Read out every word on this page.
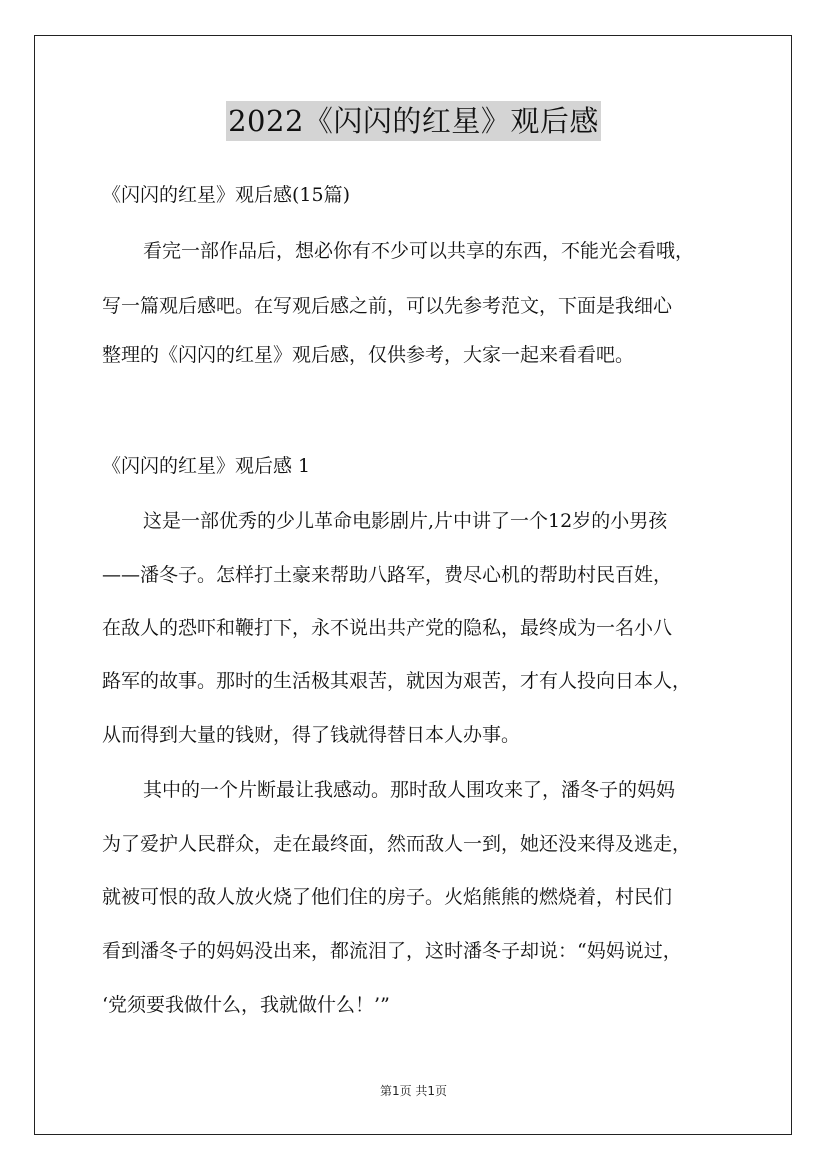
2022《闪闪的红星》观后感
《闪闪的红星》观后感(15篇)
看完一部作品后，想必你有不少可以共享的东西，不能光会看哦，
写一篇观后感吧。在写观后感之前，可以先参考范文，下面是我细心
整理的《闪闪的红星》观后感，仅供参考，大家一起来看看吧。
《闪闪的红星》观后感 1
这是一部优秀的少儿革命电影剧片,片中讲了一个12岁的小男孩
——潘冬子。怎样打土豪来帮助八路军，费尽心机的帮助村民百姓，
在敌人的恐吓和鞭打下，永不说出共产党的隐私，最终成为一名小八
路军的故事。那时的生活极其艰苦，就因为艰苦，才有人投向日本人，
从而得到大量的钱财，得了钱就得替日本人办事。
其中的一个片断最让我感动。那时敌人围攻来了，潘冬子的妈妈
为了爱护人民群众，走在最终面，然而敌人一到，她还没来得及逃走，
就被可恨的敌人放火烧了他们住的房子。火焰熊熊的燃烧着，村民们
看到潘冬子的妈妈没出来，都流泪了，这时潘冬子却说：“妈妈说过，
‘党须要我做什么，我就做什么！’”
第1页 共1页
